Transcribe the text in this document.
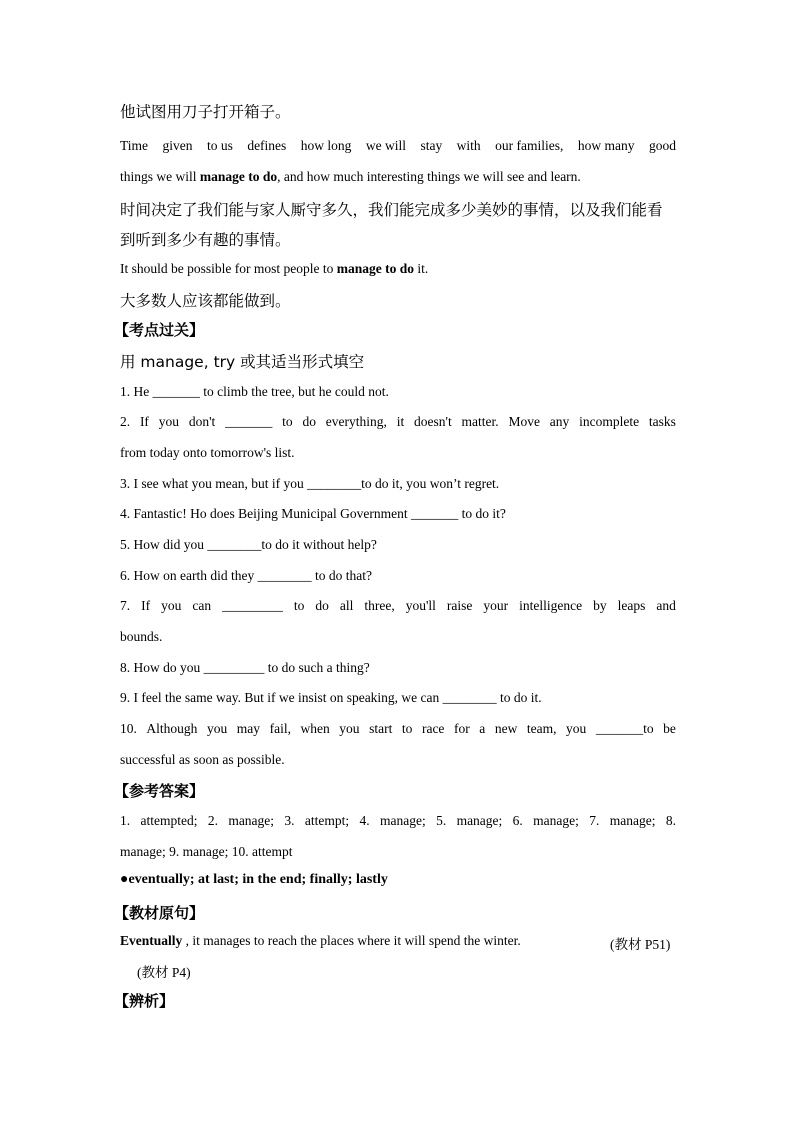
他试图用刀子打开箱子。
Time given to us defines how long we will stay with our families, how many good
things we will manage to do, and how much interesting things we will see and learn.
时间决定了我们能与家人厮守多久，我们能完成多少美妙的事情，以及我们能看
到听到多少有趣的事情。
It should be possible for most people to manage to do it.
大多数人应该都能做到。
【考点过关】
用 manage, try 或其适当形式填空
1. He _______ to climb the tree, but he could not.
2. If you don't _______ to do everything, it doesn't matter. Move any incomplete tasks
from today onto tomorrow's list.
3. I see what you mean, but if you ________to do it, you won’t regret.
4. Fantastic! Ho does Beijing Municipal Government _______ to do it?
5. How did you ________to do it without help?
6. How on earth did they ________ to do that?
7. If you can _________ to do all three, you'll raise your intelligence by leaps and
bounds.
8. How do you _________ to do such a thing?
9. I feel the same way. But if we insist on speaking, we can ________ to do it.
10. Although you may fail, when you start to race for a new team, you _______to be
successful as soon as possible.
【参考答案】
1. attempted; 2. manage; 3. attempt; 4. manage; 5. manage; 6. manage; 7. manage; 8.
manage; 9. manage; 10. attempt
●eventually; at last; in the end; finally; lastly
【教材原句】
Eventually , it manages to reach the places where it will spend the winter.	(教材 P51)
(教材 P4)
【辨析】
